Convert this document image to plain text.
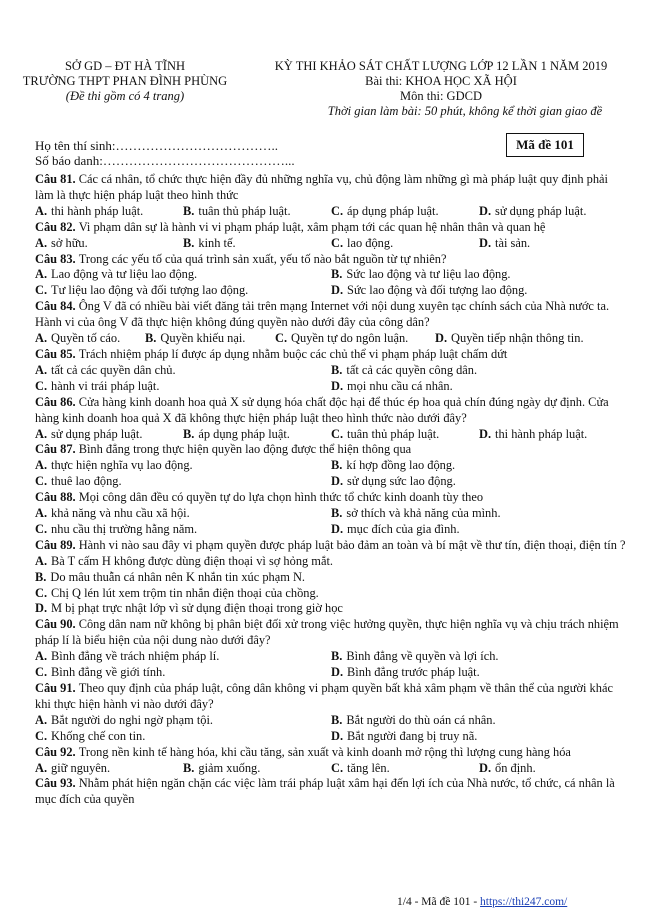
SỞ GD – ĐT HÀ TĨNH
TRƯỜNG THPT PHAN ĐÌNH PHÙNG
(Đề thi gồm có 4 trang)
KỲ THI KHẢO SÁT CHẤT LƯỢNG LỚP 12 LẦN 1 NĂM 2019
Bài thi: KHOA HỌC XÃ HỘI
Môn thi: GDCD
Thời gian làm bài: 50 phút, không kể thời gian giao đề
Họ tên thí sinh:………………………………..
Số báo danh:……………………………………...
Mã đề 101
Câu 81. Các cá nhân, tổ chức thực hiện đầy đủ những nghĩa vụ, chủ động làm những gì mà pháp luật quy định phải làm là thực hiện pháp luật theo hình thức
A. thi hành pháp luật.	B. tuân thủ pháp luật.	C. áp dụng pháp luật.	D. sử dụng pháp luật.
Câu 82. Vi phạm dân sự là hành vi vi phạm pháp luật, xâm phạm tới các quan hệ nhân thân và quan hệ
A. sở hữu.	B. kinh tế.	C. lao động.	D. tài sản.
Câu 83. Trong các yếu tố của quá trình sản xuất, yếu tố nào bắt nguồn từ tự nhiên?
A. Lao động và tư liệu lao động.	B. Sức lao động và tư liệu lao động.
C. Tư liệu lao động và đối tượng lao động.	D. Sức lao động và đối tượng lao động.
Câu 84. Ông V đã có nhiều bài viết đăng tải trên mạng Internet với nội dung xuyên tạc chính sách của Nhà nước ta. Hành vi của ông V đã thực hiện không đúng quyền nào dưới đây của công dân?
A. Quyền tố cáo.	B. Quyền khiếu nại.	C. Quyền tự do ngôn luận.	D. Quyền tiếp nhận thông tin.
Câu 85. Trách nhiệm pháp lí được áp dụng nhằm buộc các chủ thể vi phạm pháp luật chấm dứt
A. tất cả các quyền dân chủ.	B. tất cả các quyền công dân.
C. hành vi trái pháp luật.	D. mọi nhu cầu cá nhân.
Câu 86. Cửa hàng kinh doanh hoa quả X sử dụng hóa chất độc hại để thúc ép hoa quả chín đúng ngày dự định. Cửa hàng kinh doanh hoa quả X đã không thực hiện pháp luật theo hình thức nào dưới đây?
A. sử dụng pháp luật.	B. áp dụng pháp luật.	C. tuân thủ pháp luật.	D. thi hành pháp luật.
Câu 87. Bình đẳng trong thực hiện quyền lao động được thể hiện thông qua
A. thực hiện nghĩa vụ lao động.	B. kí hợp đồng lao động.
C. thuê lao động.	D. sử dụng sức lao động.
Câu 88. Mọi công dân đều có quyền tự do lựa chọn hình thức tổ chức kinh doanh tùy theo
A. khả năng và nhu cầu xã hội.	B. sở thích và khả năng của mình.
C. nhu cầu thị trường hằng năm.	D. mục đích của gia đình.
Câu 89. Hành vi nào sau đây vi phạm quyền được pháp luật bảo đảm an toàn và bí mật về thư tín, điện thoại, điện tín ?
A. Bà T cấm H không được dùng điện thoại vì sợ hỏng mắt.
B. Do mâu thuẫn cá nhân nên K nhắn tin xúc phạm N.
C. Chị Q lén lút xem trộm tin nhắn điện thoại của chồng.
D. M bị phạt trực nhật lớp vì sử dụng điện thoại trong giờ học
Câu 90. Công dân nam nữ không bị phân biệt đối xử trong việc hưởng quyền, thực hiện nghĩa vụ và chịu trách nhiệm pháp lí là biểu hiện của nội dung nào dưới đây?
A. Bình đẳng về trách nhiệm pháp lí.	B. Bình đẳng về quyền và lợi ích.
C. Bình đẳng về giới tính.	D. Bình đẳng trước pháp luật.
Câu 91. Theo quy định của pháp luật, công dân không vi phạm quyền bất khả xâm phạm về thân thể của người khác khi thực hiện hành vi nào dưới đây?
A. Bắt người do nghi ngờ phạm tội.	B. Bắt người do thù oán cá nhân.
C. Khống chế con tin.	D. Bắt người đang bị truy nã.
Câu 92. Trong nền kinh tế hàng hóa, khi cầu tăng, sản xuất và kinh doanh mở rộng thì lượng cung hàng hóa
A. giữ nguyên.	B. giảm xuống.	C. tăng lên.	D. ổn định.
Câu 93. Nhằm phát hiện ngăn chặn các việc làm trái pháp luật xâm hại đến lợi ích của Nhà nước, tổ chức, cá nhân là mục đích của quyền
1/4 - Mã đề 101 - https://thi247.com/
